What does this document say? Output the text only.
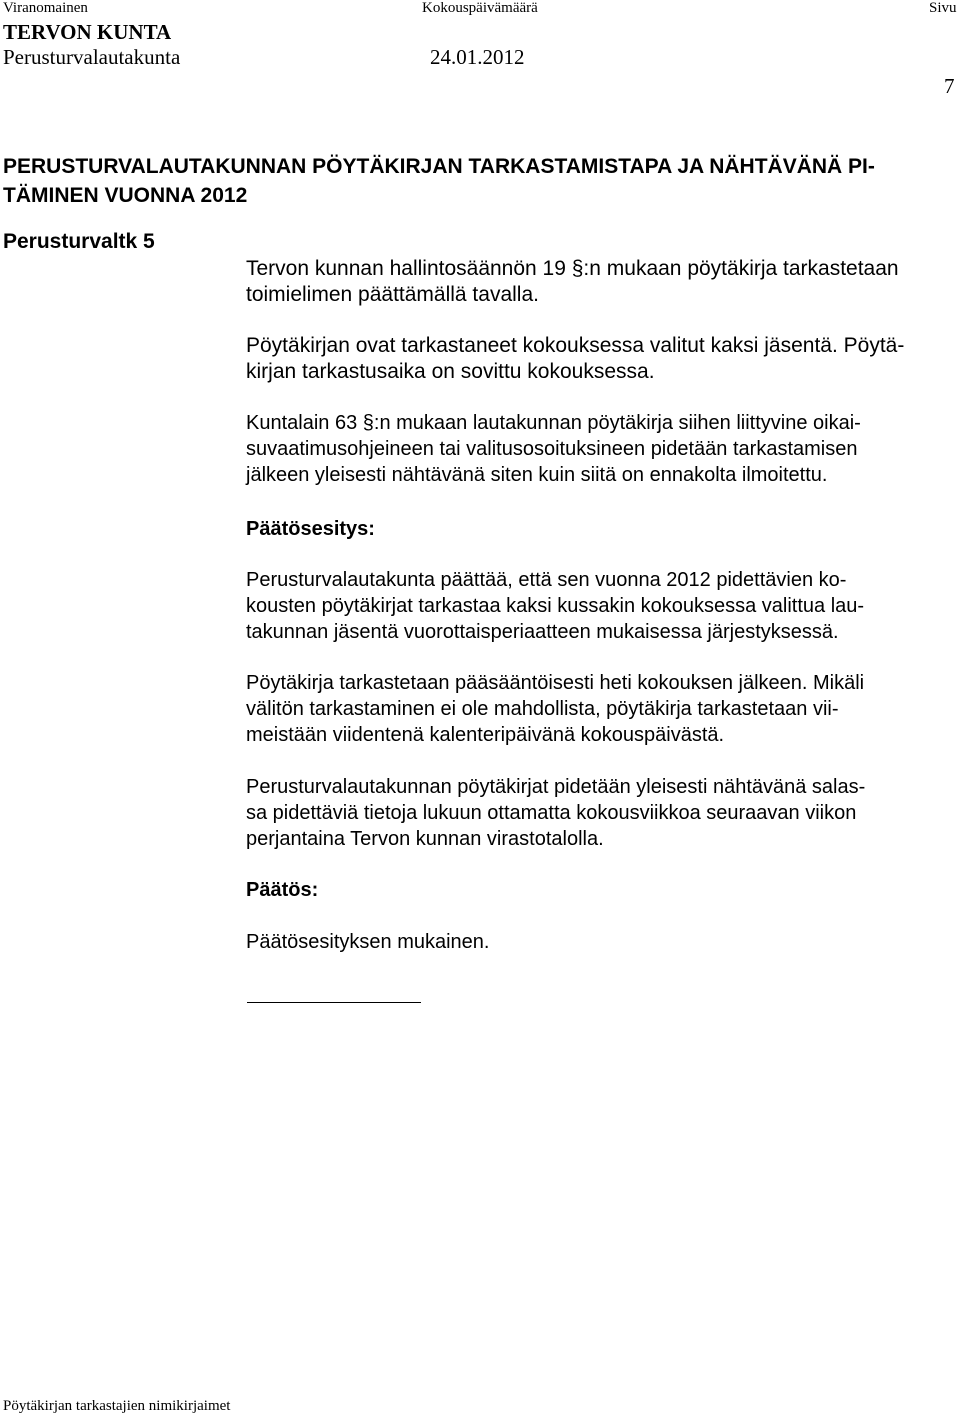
Viranomainen	Kokouspäivämäärä	Sivu
TERVON KUNTA
Perusturvalautakunta	24.01.2012
7
PERUSTURVALAUTAKUNNAN PÖYTÄKIRJAN TARKASTAMISTAPA JA NÄHTÄVÄNÄ PI-
TÄMINEN VUONNA 2012
Perusturvaltk 5
Tervon kunnan hallintosäännön 19 §:n mukaan pöytäkirja tarkastetaan
toimielimen päättämällä tavalla.
Pöytäkirjan ovat tarkastaneet kokouksessa valitut kaksi jäsentä. Pöytä-
kirjan tarkastusaika on sovittu kokouksessa.
Kuntalain 63 §:n mukaan lautakunnan pöytäkirja siihen liittyvine oikai-
suvaatimusohjeineen tai valitusosoituksineen pidetään tarkastamisen
jälkeen yleisesti nähtävänä siten kuin siitä on ennakolta ilmoitettu.
Päätösesitys:
Perusturvalautakunta päättää, että sen vuonna 2012 pidettävien ko-
kousten pöytäkirjat tarkastaa kaksi kussakin kokouksessa valittua lau-
takunnan jäsentä vuorottaisperiaatteen mukaisessa järjestyksessä.
Pöytäkirja tarkastetaan pääsääntöisesti heti kokouksen jälkeen. Mikäli
välitön tarkastaminen ei ole mahdollista, pöytäkirja tarkastetaan vii-
meistään viidentenä kalenteripäivänä kokouspäivästä.
Perusturvalautakunnan pöytäkirjat pidetään yleisesti nähtävänä salas-
sa pidettäviä tietoja lukuun ottamatta kokousviikkoa seuraavan viikon
perjantaina Tervon kunnan virastotalolla.
Päätös:
Päätösesityksen mukainen.
Pöytäkirjan tarkastajien nimikirjaimet
